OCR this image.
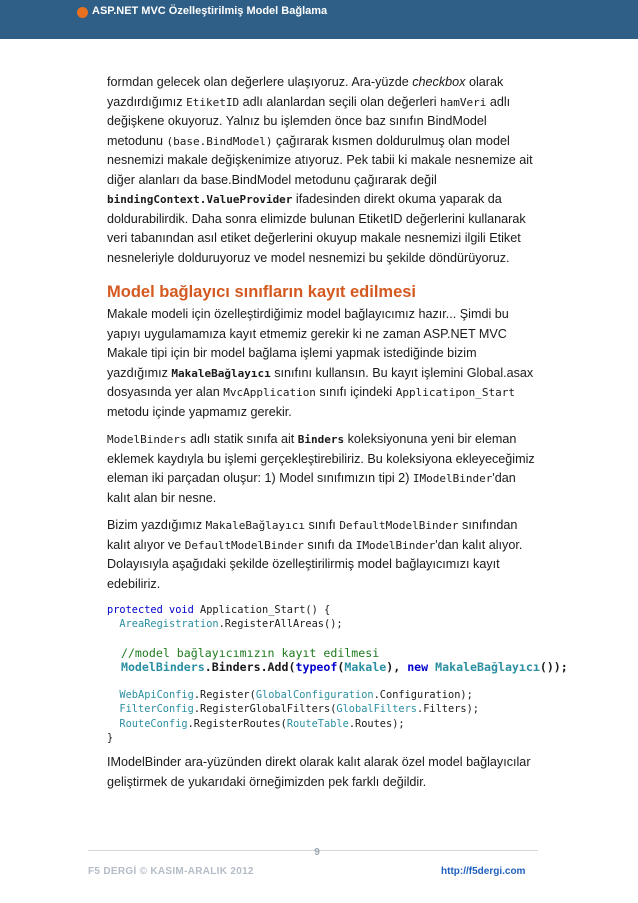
ASP.NET MVC Özelleştirilmiş Model Bağlama

formdan gelecek olan değerlere ulaşıyoruz. Ara-yüzde checkbox olarak yazdırdığımız EtiketID adlı alanlardan seçili olan değerleri hamVeri adlı değişkene okuyoruz. Yalnız bu işlemden önce baz sınıfın BindModel metodunu (base.BindModel) çağırarak kısmen doldurulmuş olan model nesnemizi makale değişkenimize atıyoruz. Pek tabii ki makale nesnemize ait diğer alanları da base.BindModel metodunu çağırarak değil bindingContext.ValueProvider ifadesinden direkt okuma yaparak da doldurabilirdik. Daha sonra elimizde bulunan EtiketID değerlerini kullanarak veri tabanından asıl etiket değerlerini okuyup makale nesnemizi ilgili Etiket nesneleriyle dolduruyoruz ve model nesnemizi bu şekilde döndürüyoruz.

Model bağlayıcı sınıfların kayıt edilmesi

Makale modeli için özelleştirdiğimiz model bağlayıcımız hazır... Şimdi bu yapıyı uygulamamıza kayıt etmemiz gerekir ki ne zaman ASP.NET MVC Makale tipi için bir model bağlama işlemi yapmak istediğinde bizim yazdığımız MakaleBağlayıcı sınıfını kullansın. Bu kayıt işlemini Global.asax dosyasında yer alan MvcApplication sınıfı içindeki Applicatipon_Start metodu içinde yapmamız gerekir.

ModelBinders adlı statik sınıfa ait Binders koleksiyonuna yeni bir eleman eklemek kaydıyla bu işlemi gerçekleştirebiliriz. Bu koleksiyona ekleyeceğimiz eleman iki parçadan oluşur: 1) Model sınıfımızın tipi 2) IModelBinder'dan kalıt alan bir nesne.

Bizim yazdığımız MakaleBağlayıcı sınıfı DefaultModelBinder sınıfından kalıt alıyor ve DefaultModelBinder sınıfı da IModelBinder'dan kalıt alıyor. Dolayısıyla aşağıdaki şekilde özelleştirilirmiş model bağlayıcımızı kayıt edebiliriz.

protected void Application_Start() {
AreaRegistration.RegisterAllAreas();

//model bağlayıcımızın kayıt edilmesi
ModelBinders.Binders.Add(typeof(Makale), new MakaleBağlayıcı());

WebApiConfig.Register(GlobalConfiguration.Configuration);
FilterConfig.RegisterGlobalFilters(GlobalFilters.Filters);
RouteConfig.RegisterRoutes(RouteTable.Routes);
}

IModelBinder ara-yüzünden direkt olarak kalıt alarak özel model bağlayıcılar geliştirmek de yukarıdaki örneğimizden pek farklı değildir.

9
F5 DERGİ © KASIM-ARALIK 2012	http://f5dergi.com
